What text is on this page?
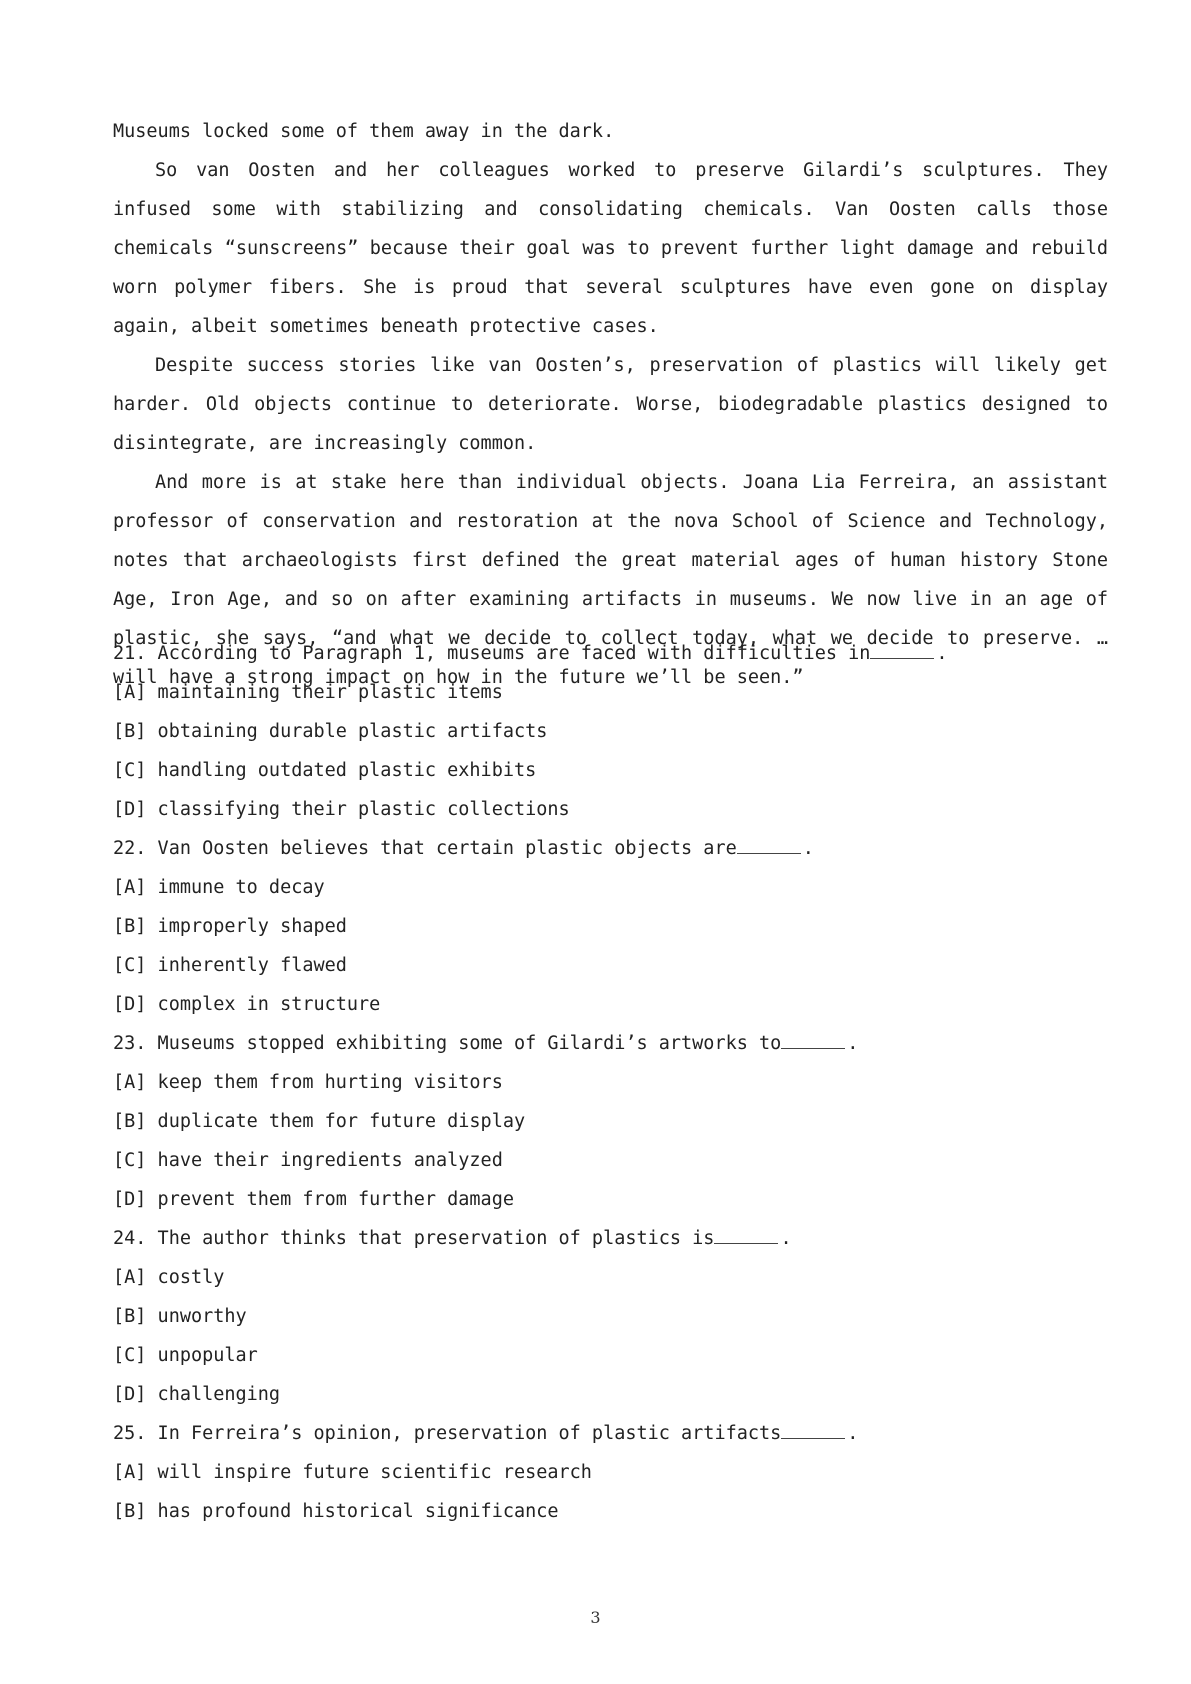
Museums locked some of them away in the dark.

So van Oosten and her colleagues worked to preserve Gilardi’s sculptures. They infused some with stabilizing and consolidating chemicals. Van Oosten calls those chemicals “sunscreens” because their goal was to prevent further light damage and rebuild worn polymer fibers. She is proud that several sculptures have even gone on display again, albeit sometimes beneath protective cases.

Despite success stories like van Oosten’s, preservation of plastics will likely get harder. Old objects continue to deteriorate. Worse, biodegradable plastics designed to disintegrate, are increasingly common.

And more is at stake here than individual objects. Joana Lia Ferreira, an assistant professor of conservation and restoration at the nova School of Science and Technology, notes that archaeologists first defined the great material ages of human history Stone Age, Iron Age, and so on after examining artifacts in museums. We now live in an age of plastic, she says, “and what we decide to collect today, what we decide to preserve. …will have a strong impact on how in the future we’ll be seen.”

21. According to Paragraph 1, museums are faced with difficulties in	.

[A] maintaining their plastic items

[B] obtaining durable plastic artifacts

[C] handling outdated plastic exhibits

[D] classifying their plastic collections

22. Van Oosten believes that certain plastic objects are	.

[A] immune to decay

[B] improperly shaped

[C] inherently flawed

[D] complex in structure

23. Museums stopped exhibiting some of Gilardi’s artworks to	.

[A] keep them from hurting visitors

[B] duplicate them for future display

[C] have their ingredients analyzed

[D] prevent them from further damage

24. The author thinks that preservation of plastics is	.

[A] costly

[B] unworthy

[C] unpopular

[D] challenging

25. In Ferreira’s opinion, preservation of plastic artifacts	.

[A] will inspire future scientific research

[B] has profound historical significance

3
